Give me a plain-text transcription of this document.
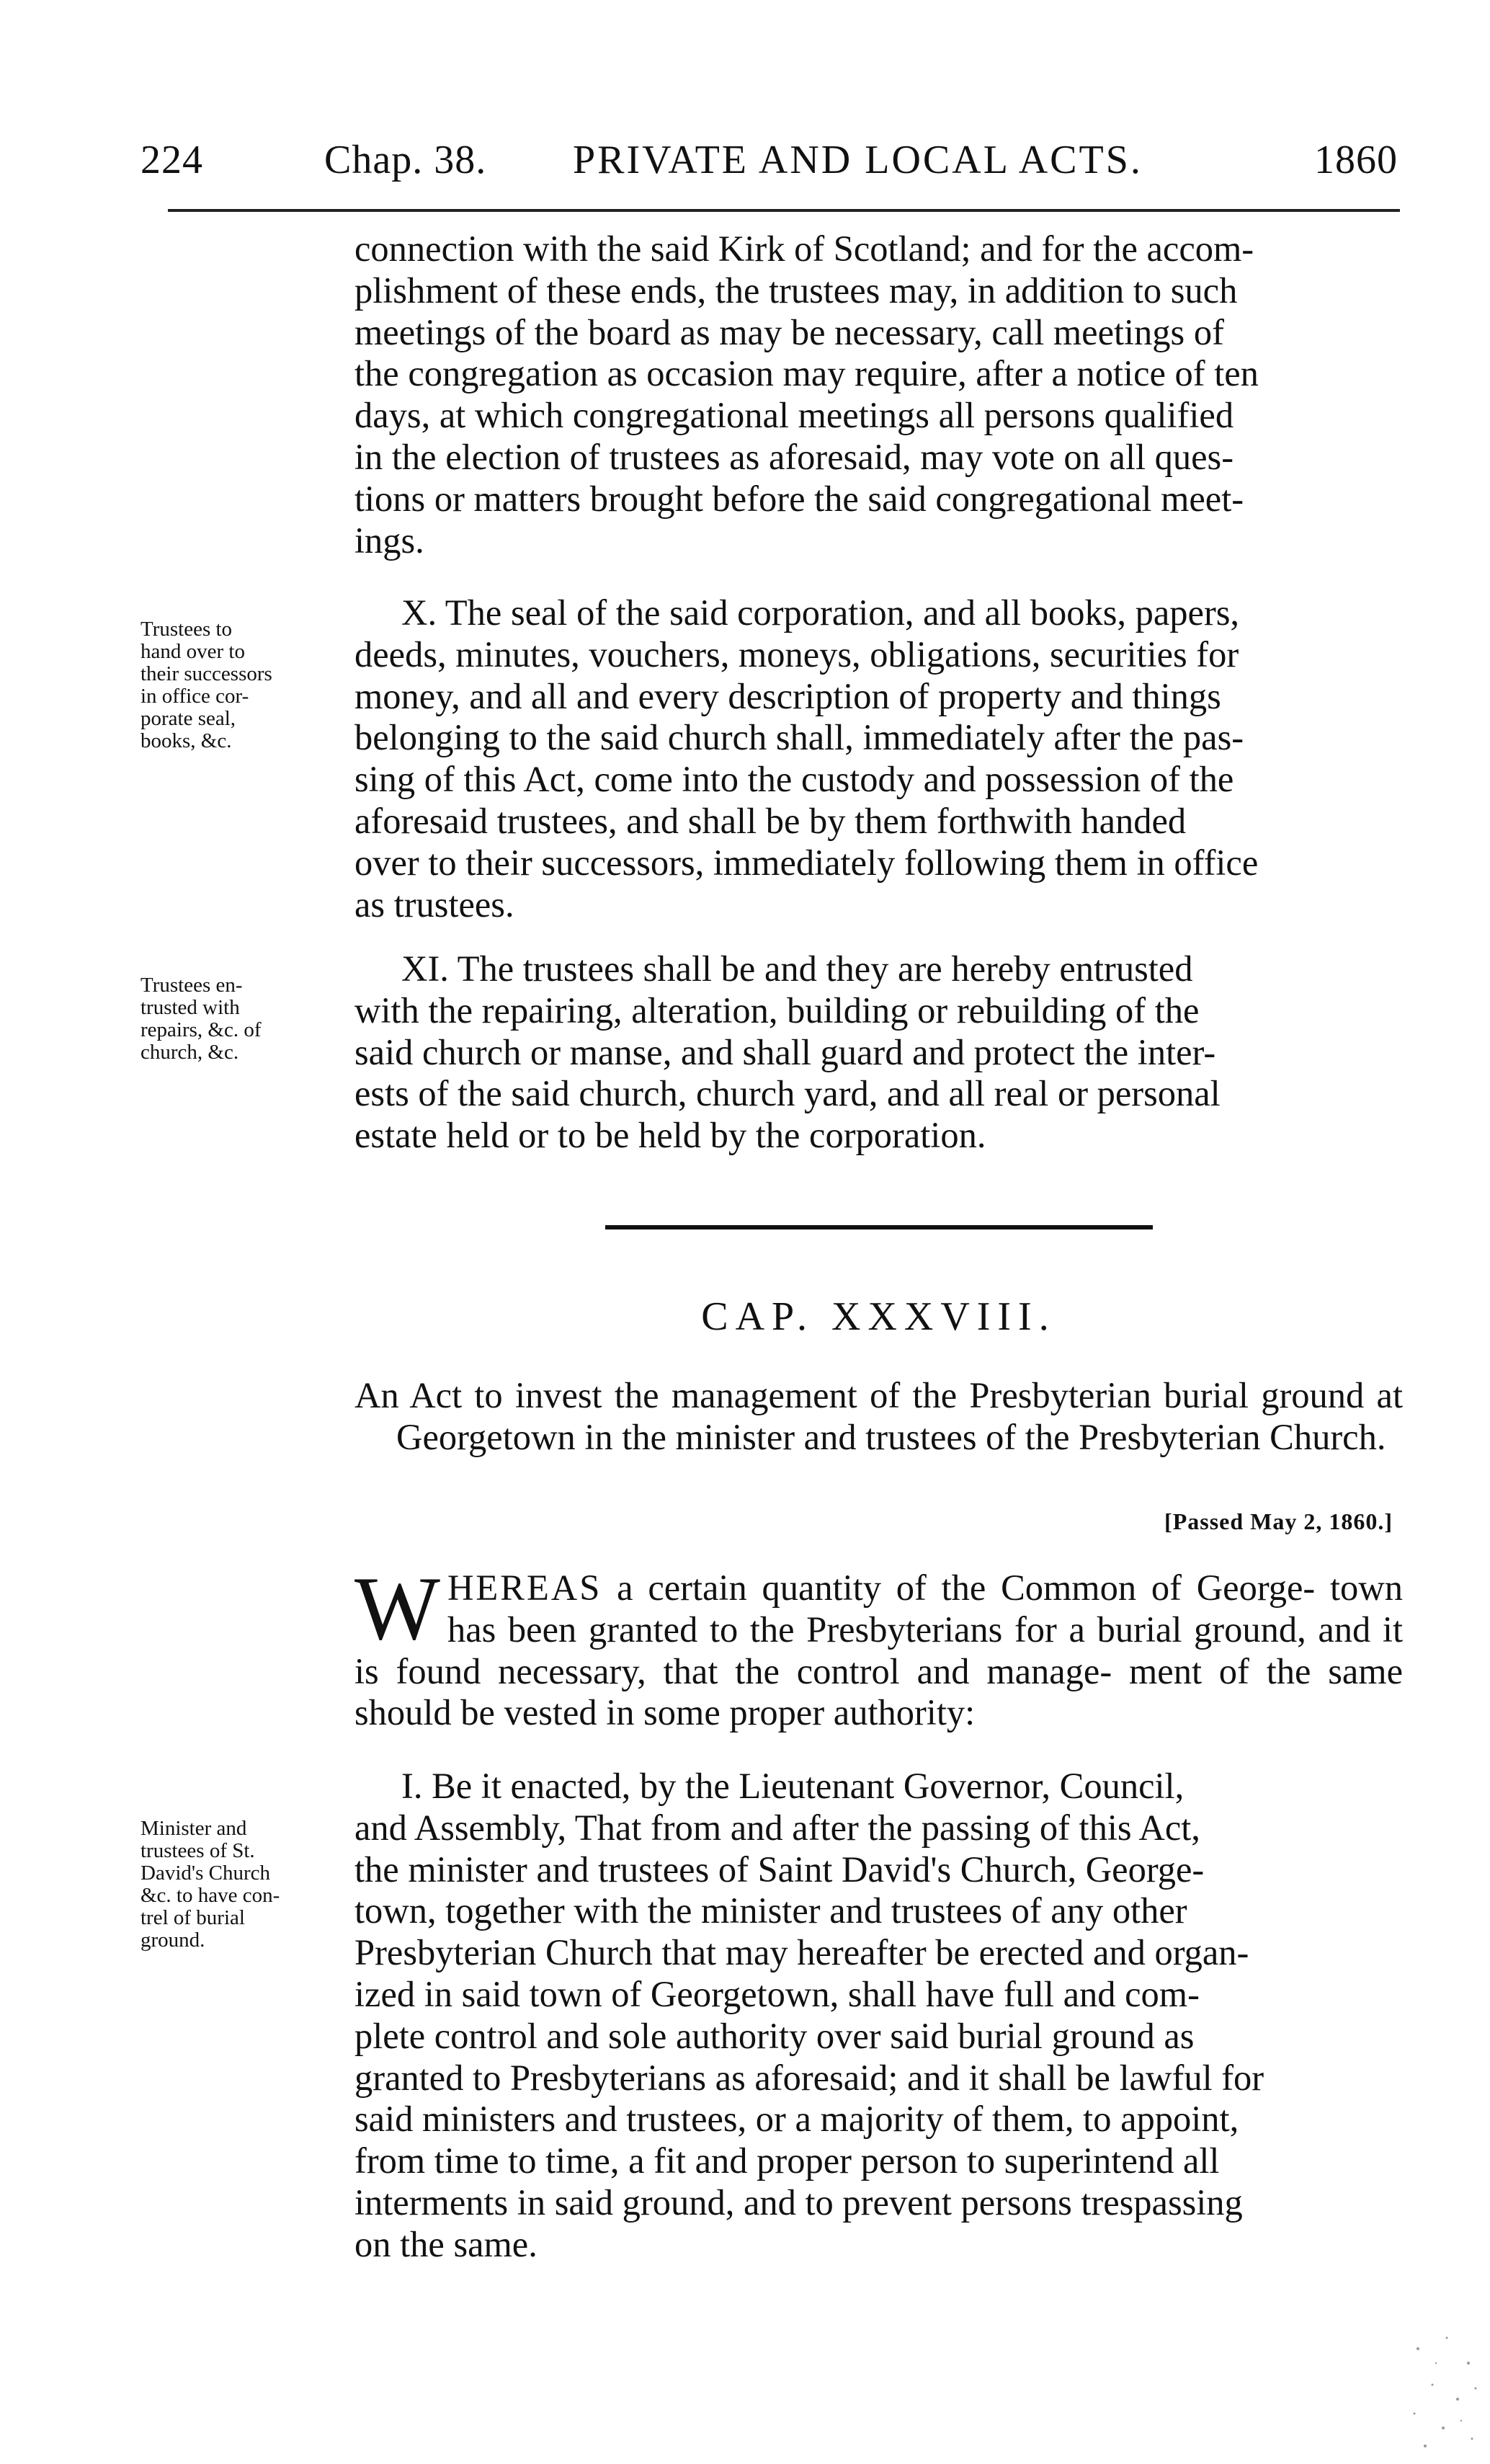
224	Chap. 38. PRIVATE AND LOCAL ACTS.	1860

connection with the said Kirk of Scotland; and for the accom-

plishment of these ends, the trustees may, in addition to such

meetings of the board as may be necessary, call meetings of

the congregation as occasion may require, after a notice of ten

days, at which congregational meetings all persons qualified

in the election of trustees as aforesaid, may vote on all ques-

tions or matters brought before the said congregational meet-

ings.

Trustees to
hand over to
their successors
in office cor-
porate seal,
books, &c.

X. The seal of the said corporation, and all books, papers,

deeds, minutes, vouchers, moneys, obligations, securities for

money, and all and every description of property and things

belonging to the said church shall, immediately after the pas-

sing of this Act, come into the custody and possession of the

aforesaid trustees, and shall be by them forthwith handed

over to their successors, immediately following them in office

as trustees.

Trustees en-
trusted with
repairs, &c. of
church, &c.

XI. The trustees shall be and they are hereby entrusted

with the repairing, alteration, building or rebuilding of the

said church or manse, and shall guard and protect the inter-

ests of the said church, church yard, and all real or personal

estate held or to be held by the corporation.

CAP. XXXVIII.
An Act to invest the management of the Presbyterian burial ground at Georgetown in the minister and trustees of the Presbyterian Church.
[Passed May 2, 1860.]

WHEREAS a certain quantity of the Common of George- town has been granted to the Presbyterians for a burial ground, and it is found necessary, that the control and manage- ment of the same should be vested in some proper authority:

Minister and
trustees of St.
David's Church
&c. to have con-
trel of burial
ground.

I. Be it enacted, by the Lieutenant Governor, Council,

and Assembly, That from and after the passing of this Act,

the minister and trustees of Saint David's Church, George-

town, together with the minister and trustees of any other

Presbyterian Church that may hereafter be erected and organ-

ized in said town of Georgetown, shall have full and com-

plete control and sole authority over said burial ground as

granted to Presbyterians as aforesaid; and it shall be lawful for

said ministers and trustees, or a majority of them, to appoint,

from time to time, a fit and proper person to superintend all

interments in said ground, and to prevent persons trespassing

on the same.
